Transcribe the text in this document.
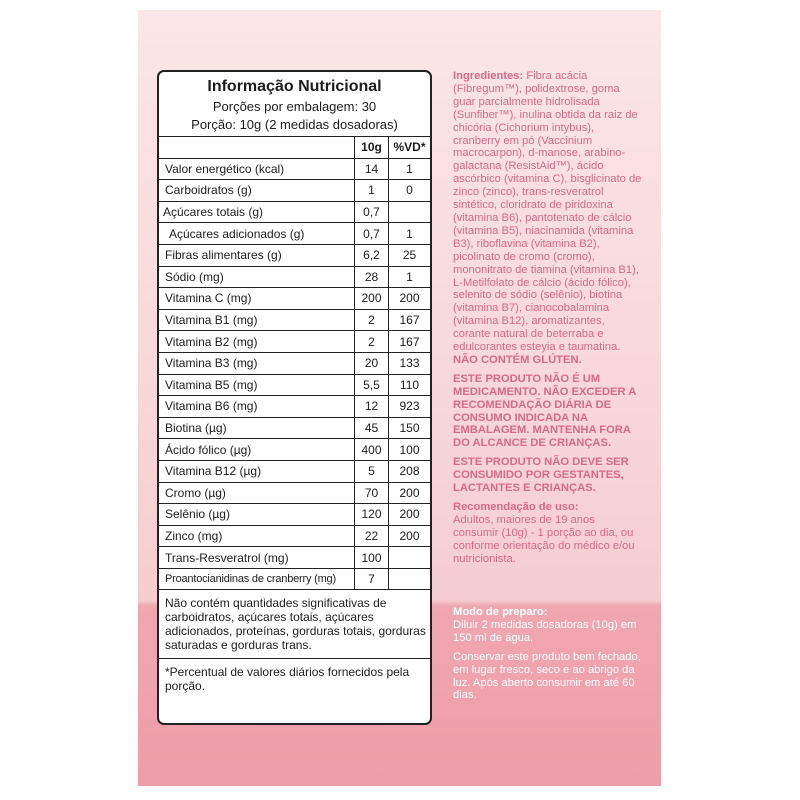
Informação Nutricional
Porções por embalagem: 30
Porção: 10g (2 medidas dosadoras)
	10g	%VD*
Valor energético (kcal)	14	1
Carboidratos (g)	1	0
Açúcares totais (g)	0,7	
Açúcares adicionados (g)	0,7	1
Fibras alimentares (g)	6,2	25
Sódio (mg)	28	1
Vitamina C (mg)	200	200
Vitamina B1 (mg)	2	167
Vitamina B2 (mg)	2	167
Vitamina B3 (mg)	20	133
Vitamina B5 (mg)	5,5	110
Vitamina B6 (mg)	12	923
Biotina (µg)	45	150
Ácido fólico (µg)	400	100
Vitamina B12 (µg)	5	208
Cromo (µg)	70	200
Selênio (µg)	120	200
Zinco (mg)	22	200
Trans-Resveratrol (mg)	100	
Proantocianidinas de cranberry (mg)	7	
Não contém quantidades significativas de carboidratos, açúcares totais, açúcares adicionados, proteínas, gorduras totais, gorduras saturadas e gorduras trans.
*Percentual de valores diários fornecidos pela porção.

Ingredientes: Fibra acácia (Fibregum™), polidextrose, goma guar parcialmente hidrolisada (Sunfiber™), inulina obtida da raiz de chicória (Cichorium intybus), cranberry em pó (Vaccinium macrocarpon), d-manose, arabino-galactana (ResistAid™), ácido ascórbico (vitamina C), bisglicinato de zinco (zinco), trans-resveratrol sintético, cloridrato de piridoxina (vitamina B6), pantotenato de cálcio (vitamina B5), niacinamida (vitamina B3), riboflavina (vitamina B2), picolinato de cromo (cromo), mononitrato de tiamina (vitamina B1), L-Metilfolato de cálcio (ácido fólico), selenito de sódio (selênio), biotina (vitamina B7), cianocobalamina (vitamina B12), aromatizantes, corante natural de beterraba e edulcorantes esteyia e taumatina. NÃO CONTÉM GLÚTEN.

ESTE PRODUTO NÃO É UM MEDICAMENTO. NÃO EXCEDER A RECOMENDAÇÃO DIÁRIA DE CONSUMO INDICADA NA EMBALAGEM. MANTENHA FORA DO ALCANCE DE CRIANÇAS.

ESTE PRODUTO NÃO DEVE SER CONSUMIDO POR GESTANTES, LACTANTES E CRIANÇAS.

Recomendação de uso:
Adultos, maiores de 19 anos consumir (10g) - 1 porção ao dia, ou conforme orientação do médico e/ou nutricionista.
Modo de preparo:

Diluir 2 medidas dosadoras (10g) em 150 ml de água.

Conservar este produto bem fechado, em lugar fresco, seco e ao abrigo da luz. Após aberto consumir em até 60 dias.
